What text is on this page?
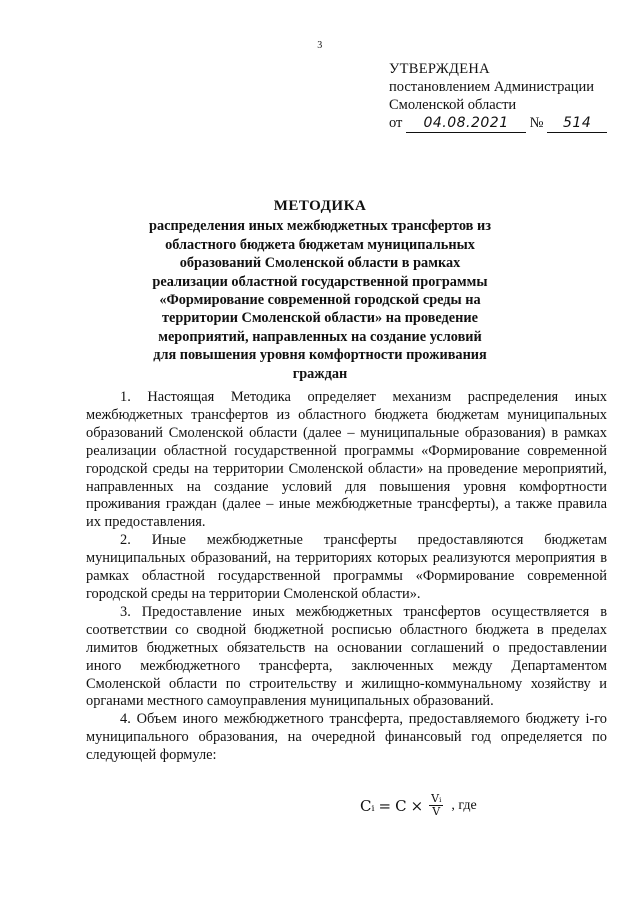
3
УТВЕРЖДЕНА
постановлением Администрации
Смоленской области
от 04.08.2021 № 514
МЕТОДИКА
распределения иных межбюджетных трансфертов из
областного бюджета бюджетам муниципальных
образований Смоленской области в рамках
реализации областной государственной программы
«Формирование современной городской среды на
территории Смоленской области» на проведение
мероприятий, направленных на создание условий
для повышения уровня комфортности проживания
граждан

1. Настоящая Методика определяет механизм распределения иных межбюджетных трансфертов из областного бюджета бюджетам муниципальных образований Смоленской области (далее – муниципальные образования) в рамках реализации областной государственной программы «Формирование современной городской среды на территории Смоленской области» на проведение мероприятий, направленных на создание условий для повышения уровня комфортности проживания граждан (далее – иные межбюджетные трансферты), а также правила их предоставления.

2. Иные межбюджетные трансферты предоставляются бюджетам муниципальных образований, на территориях которых реализуются мероприятия в рамках областной государственной программы «Формирование современной городской среды на территории Смоленской области».

3. Предоставление иных межбюджетных трансфертов осуществляется в соответствии со сводной бюджетной росписью областного бюджета в пределах лимитов бюджетных обязательств на основании соглашений о предоставлении иного межбюджетного трансферта, заключенных между Департаментом Смоленской области по строительству и жилищно-коммунальному хозяйству и органами местного самоуправления муниципальных образований.

4. Объем иного межбюджетного трансферта, предоставляемого бюджету i-го муниципального образования, на очередной финансовый год определяется по следующей формуле:

Cᵢ = $C \times \frac{\text{Vᵢ}}{V}$ , где
